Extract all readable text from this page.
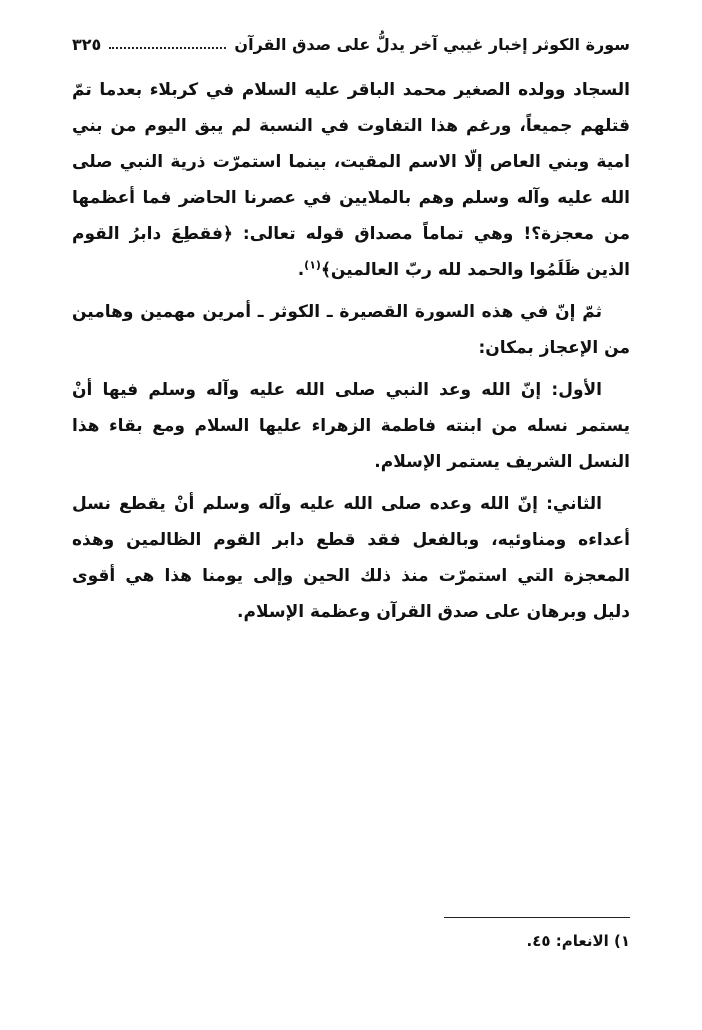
سورة الكوثر إخبار غيبي آخر يدلُّ على صدق القرآن
٣٢٥

السجاد وولده الصغير محمد الباقر عليه السلام في كربلاء بعدما تمّ قتلهم جميعاً، ورغم هذا التفاوت في النسبة لم يبق اليوم من بني امية وبني العاص إلّا الاسم المقيت، بينما استمرّت ذرية النبي صلى الله عليه وآله وسلم وهم بالملايين في عصرنا الحاضر فما أعظمها من معجزة؟! وهي تماماً مصداق قوله تعالى: ﴿فقطِعَ دابرُ القوم الذين ظَلَمُوا والحمد لله ربّ العالمين﴾$^{(١)}$.

ثمّ إنّ في هذه السورة القصيرة ـ الكوثر ـ أمرين مهمين وهامين من الإعجاز بمكان:

الأول: إنّ الله وعد النبي صلى الله عليه وآله وسلم فيها أنْ يستمر نسله من ابنته فاطمة الزهراء عليها السلام ومع بقاء هذا النسل الشريف يستمر الإسلام.

الثاني: إنّ الله وعده صلى الله عليه وآله وسلم أنْ يقطع نسل أعداءه ومناوئيه، وبالفعل فقد قطع دابر القوم الظالمين وهذه المعجزة التي استمرّت منذ ذلك الحين وإلى يومنا هذا هي أقوى دليل وبرهان على صدق القرآن وعظمة الإسلام.

١) الانعام: ٤٥.
